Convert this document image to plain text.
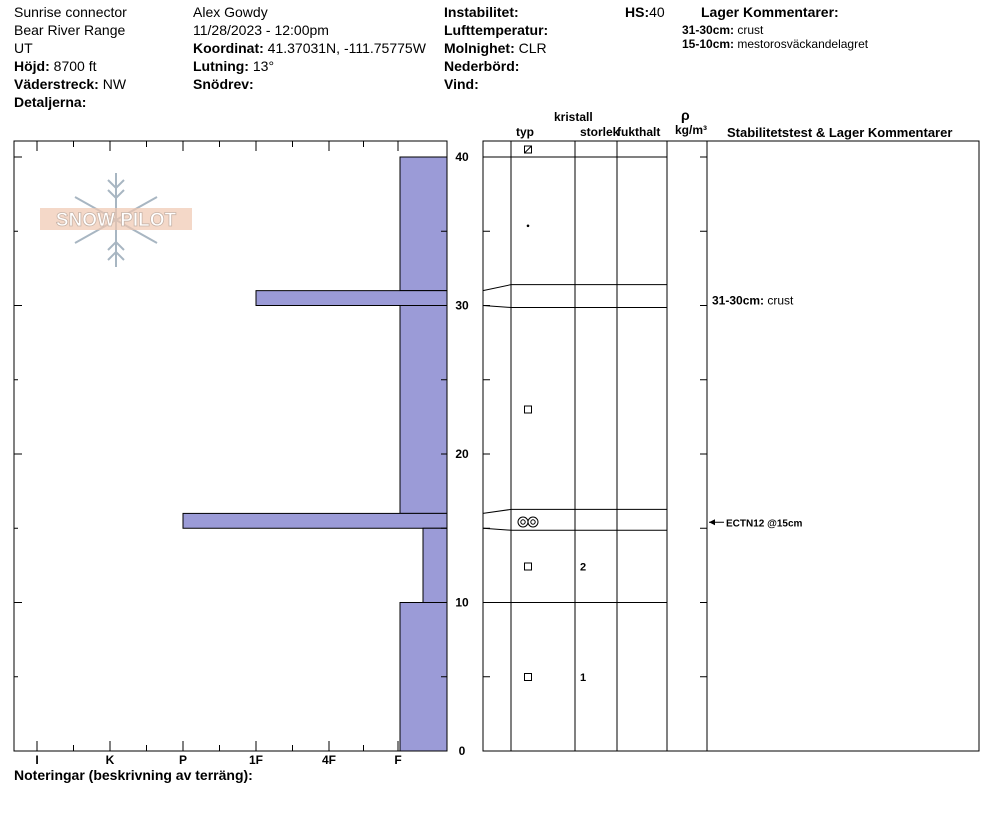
Sunrise connector
Bear River Range
UT
Höjd: 8700 ft
Väderstreck: NW
Detaljerna:
Alex Gowdy
11/28/2023 - 12:00pm
Koordinat: 41.37031N, -111.75775W
Lutning: 13°
Snödrev:
Instabilitet:
Lufttemperatur:
Molnighet: CLR
Nederbörd:
Vind:
HS:40	Lager Kommentarer:
31-30cm: crust
15-10cm: mestorosväckandelagret
kristall
typ	storlek
fukthalt
ρ
kg/m³ Stabilitetstest & Lager Kommentarer
Noteringar (beskrivning av terräng):
SNOW PILOT
I	K	P	1F	4F	F
0
10
20
30
40
2
1
31-30cm: crust
ECTN12 @15cm
